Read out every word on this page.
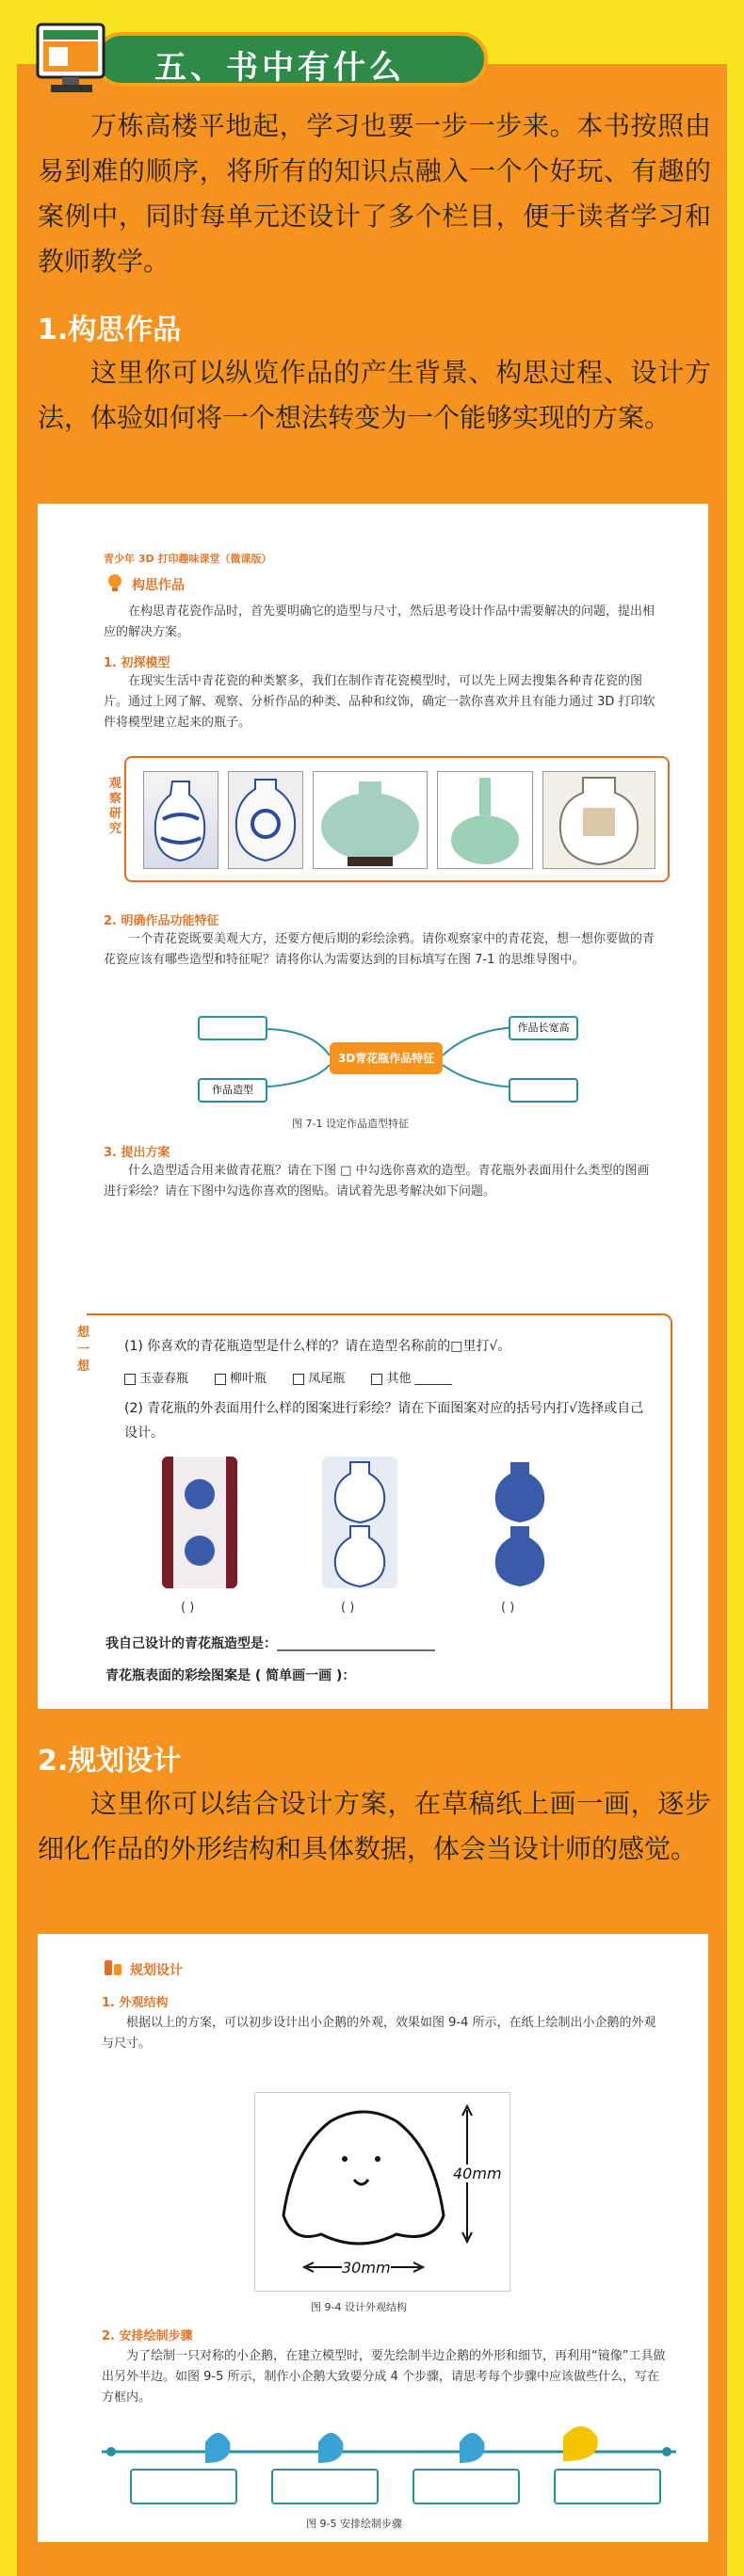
五、书中有什么
万栋高楼平地起，学习也要一步一步来。本书按照由易到难的顺序，将所有的知识点融入一个个好玩、有趣的案例中，同时每单元还设计了多个栏目，便于读者学习和教师教学。
1.构思作品
这里你可以纵览作品的产生背景、构思过程、设计方法，体验如何将一个想法转变为一个能够实现的方案。
青少年 3D 打印趣味课堂（微课版）
构思作品
在构思青花瓷作品时，首先要明确它的造型与尺寸，然后思考设计作品中需要解决的问题，提出相应的解决方案。
1. 初探模型
在现实生活中青花瓷的种类繁多，我们在制作青花瓷模型时，可以先上网去搜集各种青花瓷的图片。通过上网了解、观察、分析作品的种类、品种和纹饰，确定一款你喜欢并且有能力通过 3D 打印软件将模型建立起来的瓶子。
观察研究
2. 明确作品功能特征
一个青花瓷既要美观大方，还要方便后期的彩绘涂鸦。请你观察家中的青花瓷，想一想你要做的青花瓷应该有哪些造型和特征呢？请将你认为需要达到的目标填写在图 7-1 的思维导图中。
作品造型
3D青花瓶作品特征
作品长宽高
图 7-1 设定作品造型特征
3. 提出方案
什么造型适合用来做青花瓶？请在下图 □ 中勾选你喜欢的造型。青花瓶外表面用什么类型的图画进行彩绘？请在下图中勾选你喜欢的图贴。请试着先思考解决如下问题。
想一想
(1) 你喜欢的青花瓶造型是什么样的？请在造型名称前的□里打√。
玉壶春瓶	柳叶瓶	凤尾瓶	其他 ______
(2) 青花瓶的外表面用什么样的图案进行彩绘？请在下面图案对应的括号内打√选择或自己设计。
( )	( )	( )
我自己设计的青花瓶造型是：________________________
青花瓶表面的彩绘图案是 ( 简单画一画 )：
2.规划设计
这里你可以结合设计方案，在草稿纸上画一画，逐步细化作品的外形结构和具体数据，体会当设计师的感觉。
规划设计
1. 外观结构
根据以上的方案，可以初步设计出小企鹅的外观，效果如图 9-4 所示，在纸上绘制出小企鹅的外观与尺寸。
40mm
30mm
图 9-4 设计外观结构
2. 安排绘制步骤
为了绘制一只对称的小企鹅，在建立模型时，要先绘制半边企鹅的外形和细节，再利用“镜像”工具做出另外半边。如图 9-5 所示，制作小企鹅大致要分成 4 个步骤，请思考每个步骤中应该做些什么，写在方框内。
图 9-5 安排绘制步骤
